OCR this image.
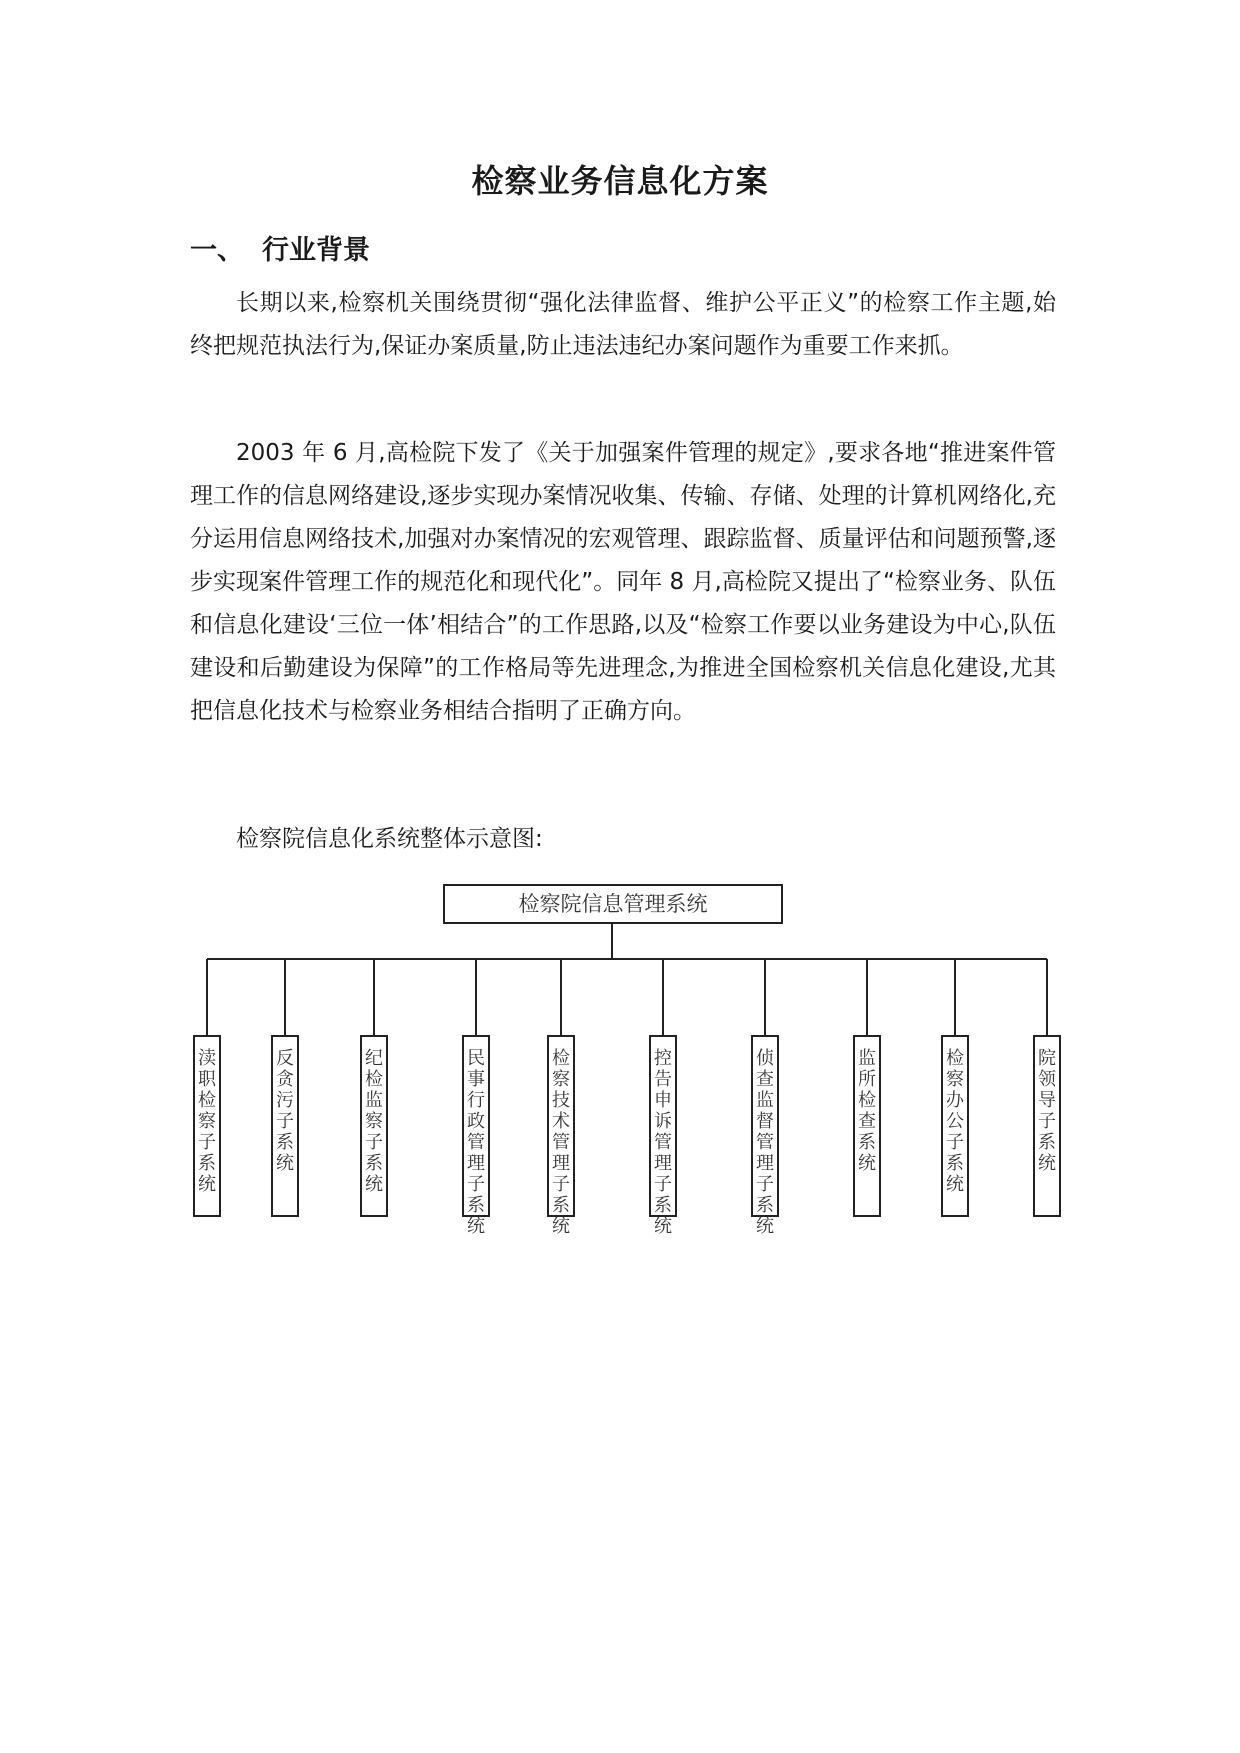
检察业务信息化方案
一、 行业背景

长期以来,检察机关围绕贯彻“强化法律监督、维护公平正义”的检察工作主题,始终把规范执法行为,保证办案质量,防止违法违纪办案问题作为重要工作来抓。

2003 年 6 月,高检院下发了《关于加强案件管理的规定》,要求各地“推进案件管理工作的信息网络建设,逐步实现办案情况收集、传输、存储、处理的计算机网络化,充分运用信息网络技术,加强对办案情况的宏观管理、跟踪监督、质量评估和问题预警,逐步实现案件管理工作的规范化和现代化”。同年 8 月,高检院又提出了“检察业务、队伍和信息化建设‘三位一体’相结合”的工作思路,以及“检察工作要以业务建设为中心,队伍建设和后勤建设为保障”的工作格局等先进理念,为推进全国检察机关信息化建设,尤其把信息化技术与检察业务相结合指明了正确方向。

检察院信息化系统整体示意图:

检察院信息管理系统
渎职检察子系统
反贪污子系统
纪检监察子系统
民事行政管理子系统
检察技术管理子系统
控告申诉管理子系统
侦查监督管理子系统
监所检查系统
检察办公子系统
院领导子系统
